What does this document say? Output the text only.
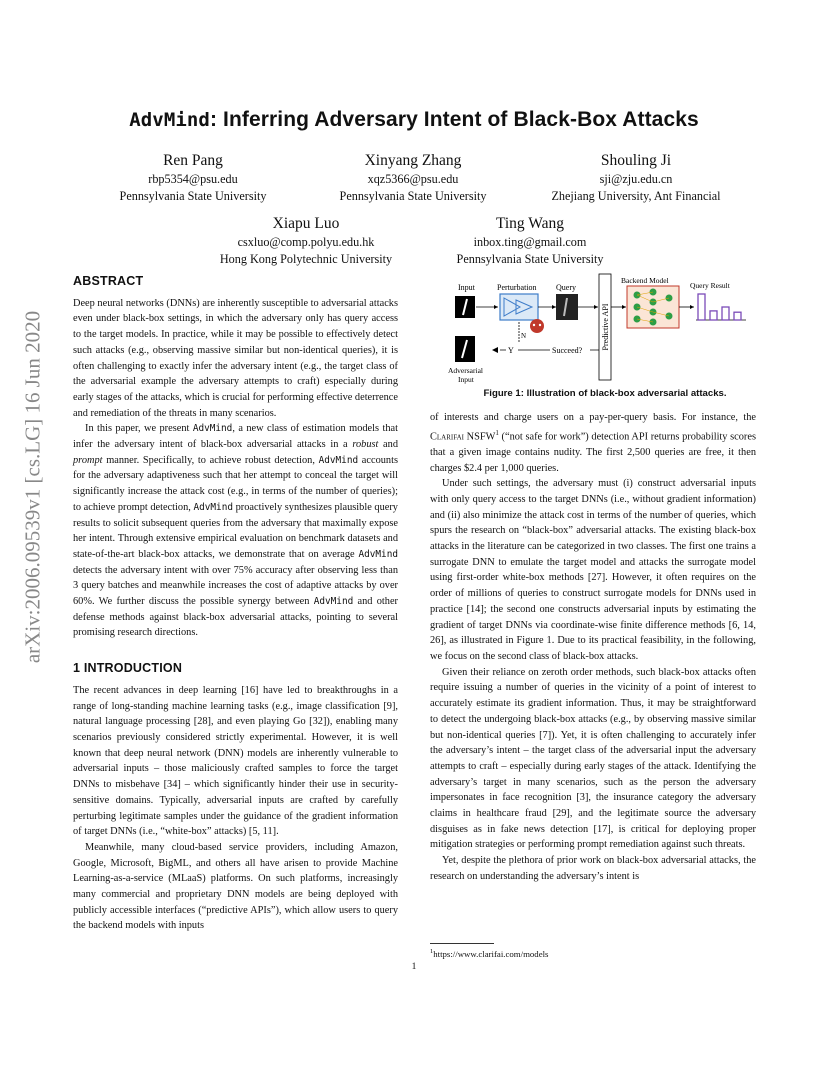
arXiv:2006.09539v1 [cs.LG] 16 Jun 2020
AdvMind: Inferring Adversary Intent of Black-Box Attacks
Ren Pang
rbp5354@psu.edu
Pennsylvania State University
Xinyang Zhang
xqz5366@psu.edu
Pennsylvania State University
Shouling Ji
sji@zju.edu.cn
Zhejiang University, Ant Financial
Xiapu Luo
csxluo@comp.polyu.edu.hk
Hong Kong Polytechnic University
Ting Wang
inbox.ting@gmail.com
Pennsylvania State University
ABSTRACT

Deep neural networks (DNNs) are inherently susceptible to adversarial attacks even under black-box settings, in which the adversary only has query access to the target models. In practice, while it may be possible to effectively detect such attacks (e.g., observing massive similar but non-identical queries), it is often challenging to exactly infer the adversary intent (e.g., the target class of the adversarial example the adversary attempts to craft) especially during early stages of the attacks, which is crucial for performing effective deterrence and remediation of the threats in many scenarios.

In this paper, we present AdvMind, a new class of estimation models that infer the adversary intent of black-box adversarial attacks in a robust and prompt manner. Specifically, to achieve robust detection, AdvMind accounts for the adversary adaptiveness such that her attempt to conceal the target will significantly increase the attack cost (e.g., in terms of the number of queries); to achieve prompt detection, AdvMind proactively synthesizes plausible query results to solicit subsequent queries from the adversary that maximally expose her intent. Through extensive empirical evaluation on benchmark datasets and state-of-the-art black-box attacks, we demonstrate that on average AdvMind detects the adversary intent with over 75% accuracy after observing less than 3 query batches and meanwhile increases the cost of adaptive attacks by over 60%. We further discuss the possible synergy between AdvMind and other defense methods against black-box adversarial attacks, pointing to several promising research directions.

1 INTRODUCTION

The recent advances in deep learning [16] have led to breakthroughs in a range of long-standing machine learning tasks (e.g., image classification [9], natural language processing [28], and even playing Go [32]), enabling many scenarios previously considered strictly experimental. However, it is well known that deep neural network (DNN) models are inherently vulnerable to adversarial inputs – those maliciously crafted samples to force the target DNNs to misbehave [34] – which significantly hinder their use in security-sensitive domains. Typically, adversarial inputs are crafted by carefully perturbing legitimate samples under the guidance of the gradient information of target DNNs (i.e., “white-box” attacks) [5, 11].

Meanwhile, many cloud-based service providers, including Amazon, Google, Microsoft, BigML, and others all have arisen to provide Machine Learning-as-a-service (MLaaS) platforms. On such platforms, increasingly many commercial and proprietary DNN models are being deployed with publicly accessible interfaces (“predictive APIs”), which allow users to query the backend models with inputs

Input	Perturbation
N
Query
Predictive API
Backend Model
Query Result
Succeed?
Y
Adversarial
Input
Figure 1: Illustration of black-box adversarial attacks.

of interests and charge users on a pay-per-query basis. For instance, the Clarifai NSFW$^1$ (“not safe for work”) detection API returns probability scores that a given image contains nudity. The first 2,500 queries are free, it then charges $2.4 per 1,000 queries.

Under such settings, the adversary must (i) construct adversarial inputs with only query access to the target DNNs (i.e., without gradient information) and (ii) also minimize the attack cost in terms of the number of queries, which spurs the research on “black-box” adversarial attacks. The existing black-box attacks in the literature can be categorized in two classes. The first one trains a surrogate DNN to emulate the target model and attacks the surrogate model using first-order white-box methods [27]. However, it often requires on the order of millions of queries to construct surrogate models for DNNs used in practice [14]; the second one constructs adversarial inputs by estimating the gradient of target DNNs via coordinate-wise finite difference methods [6, 14, 26], as illustrated in Figure 1. Due to its practical feasibility, in the following, we focus on the second class of black-box attacks.

Given their reliance on zeroth order methods, such black-box attacks often require issuing a number of queries in the vicinity of a point of interest to accurately estimate its gradient information. Thus, it may be straightforward to detect the undergoing black-box attacks (e.g., by observing massive similar but non-identical queries [7]). Yet, it is often challenging to accurately infer the adversary’s intent – the target class of the adversarial input the adversary attempts to craft – especially during early stages of the attack. Identifying the adversary’s target in many scenarios, such as the person the adversary impersonates in face recognition [3], the insurance category the adversary claims in healthcare fraud [29], and the legitimate source the adversary disguises as in fake news detection [17], is critical for deploying proper mitigation strategies or performing prompt remediation against such threats.

Yet, despite the plethora of prior work on black-box adversarial attacks, the research on understanding the adversary’s intent is

$^1$https://www.clarifai.com/models
1
